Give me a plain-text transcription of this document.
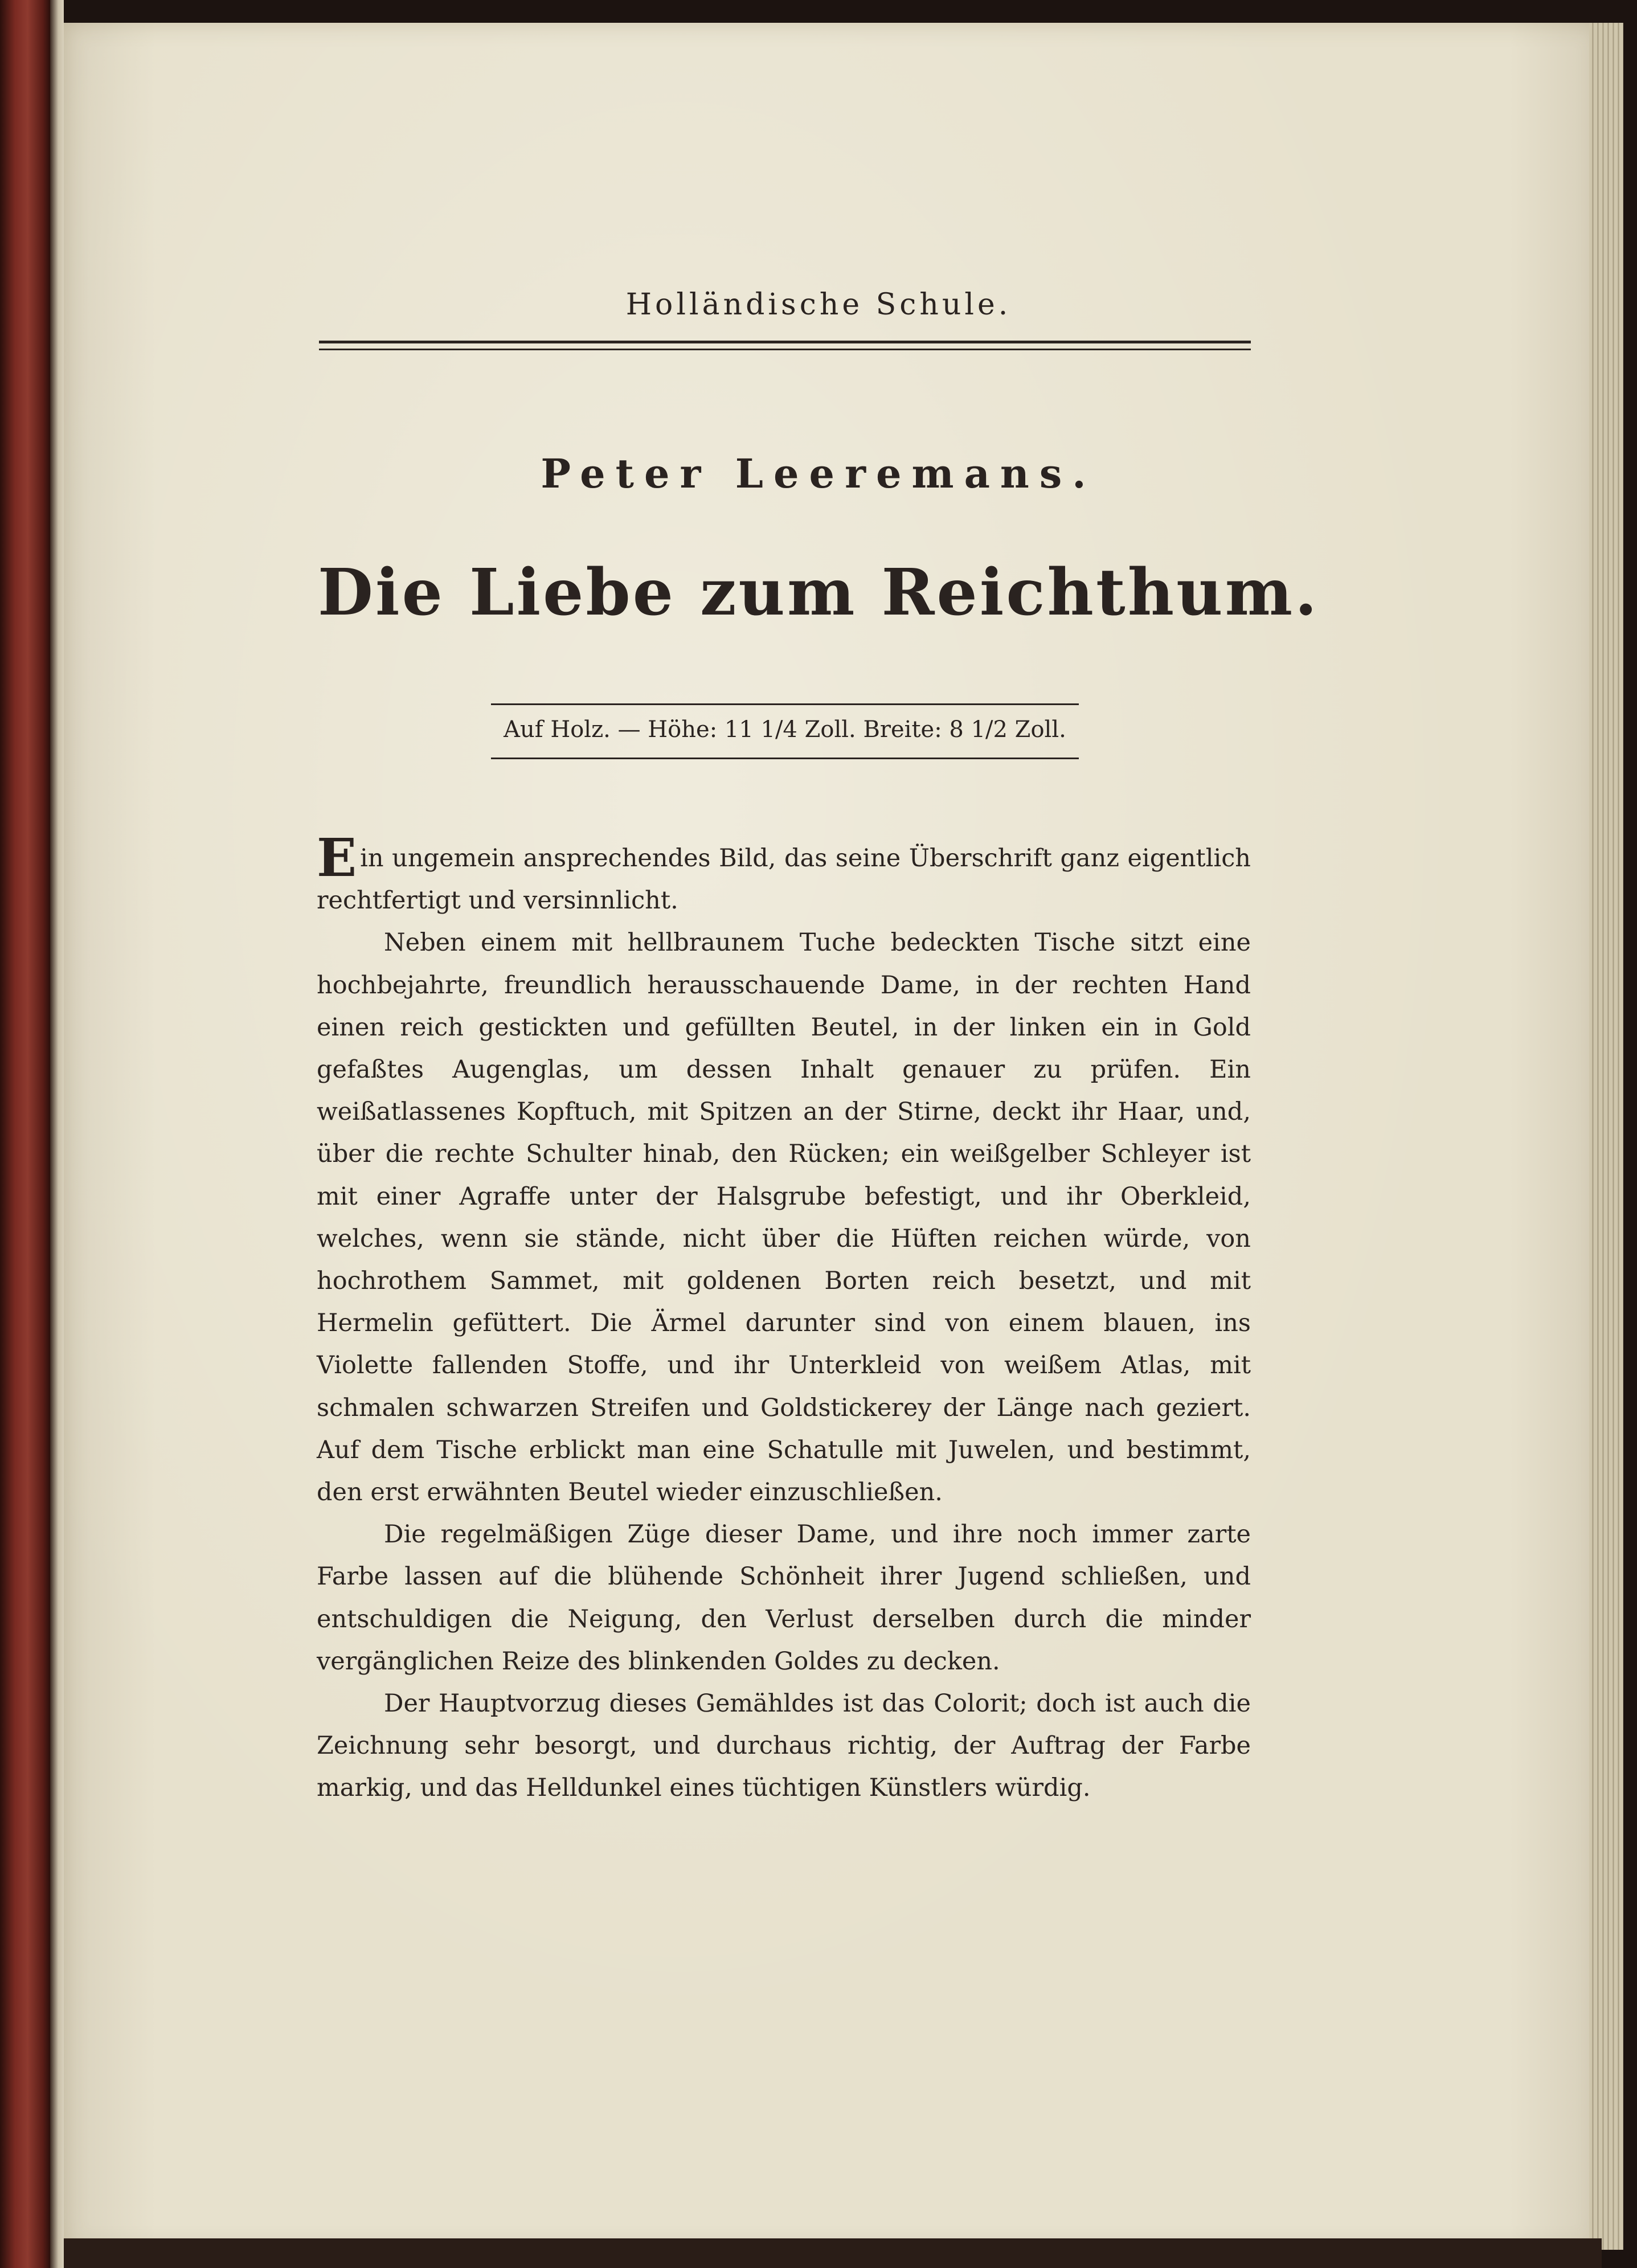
Holländische Schule.
Peter Leeremans.
Die Liebe zum Reichthum.
Auf Holz. — Höhe: 11 1/4 Zoll. Breite: 8 1/2 Zoll.

Ein ungemein ansprechendes Bild, das seine Überschrift ganz eigentlich rechtfertigt und versinnlicht.

Neben einem mit hellbraunem Tuche bedeckten Tische sitzt eine hochbejahrte, freundlich herausschauende Dame, in der rechten Hand einen reich gestickten und gefüllten Beutel, in der linken ein in Gold gefaßtes Augenglas, um dessen Inhalt genauer zu prüfen. Ein weißatlassenes Kopftuch, mit Spitzen an der Stirne, deckt ihr Haar, und, über die rechte Schulter hinab, den Rücken; ein weißgelber Schleyer ist mit einer Agraffe unter der Halsgrube befestigt, und ihr Oberkleid, welches, wenn sie stände, nicht über die Hüften reichen würde, von hochrothem Sammet, mit goldenen Borten reich besetzt, und mit Hermelin gefüttert. Die Ärmel darunter sind von einem blauen, ins Violette fallenden Stoffe, und ihr Unterkleid von weißem Atlas, mit schmalen schwarzen Streifen und Goldstickerey der Länge nach geziert. Auf dem Tische erblickt man eine Schatulle mit Juwelen, und bestimmt, den erst erwähnten Beutel wieder einzuschließen.

Die regelmäßigen Züge dieser Dame, und ihre noch immer zarte Farbe lassen auf die blühende Schönheit ihrer Jugend schließen, und entschuldigen die Neigung, den Verlust derselben durch die minder vergänglichen Reize des blinkenden Goldes zu decken.

Der Hauptvorzug dieses Gemähldes ist das Colorit; doch ist auch die Zeichnung sehr besorgt, und durchaus richtig, der Auftrag der Farbe markig, und das Helldunkel eines tüchtigen Künstlers würdig.
